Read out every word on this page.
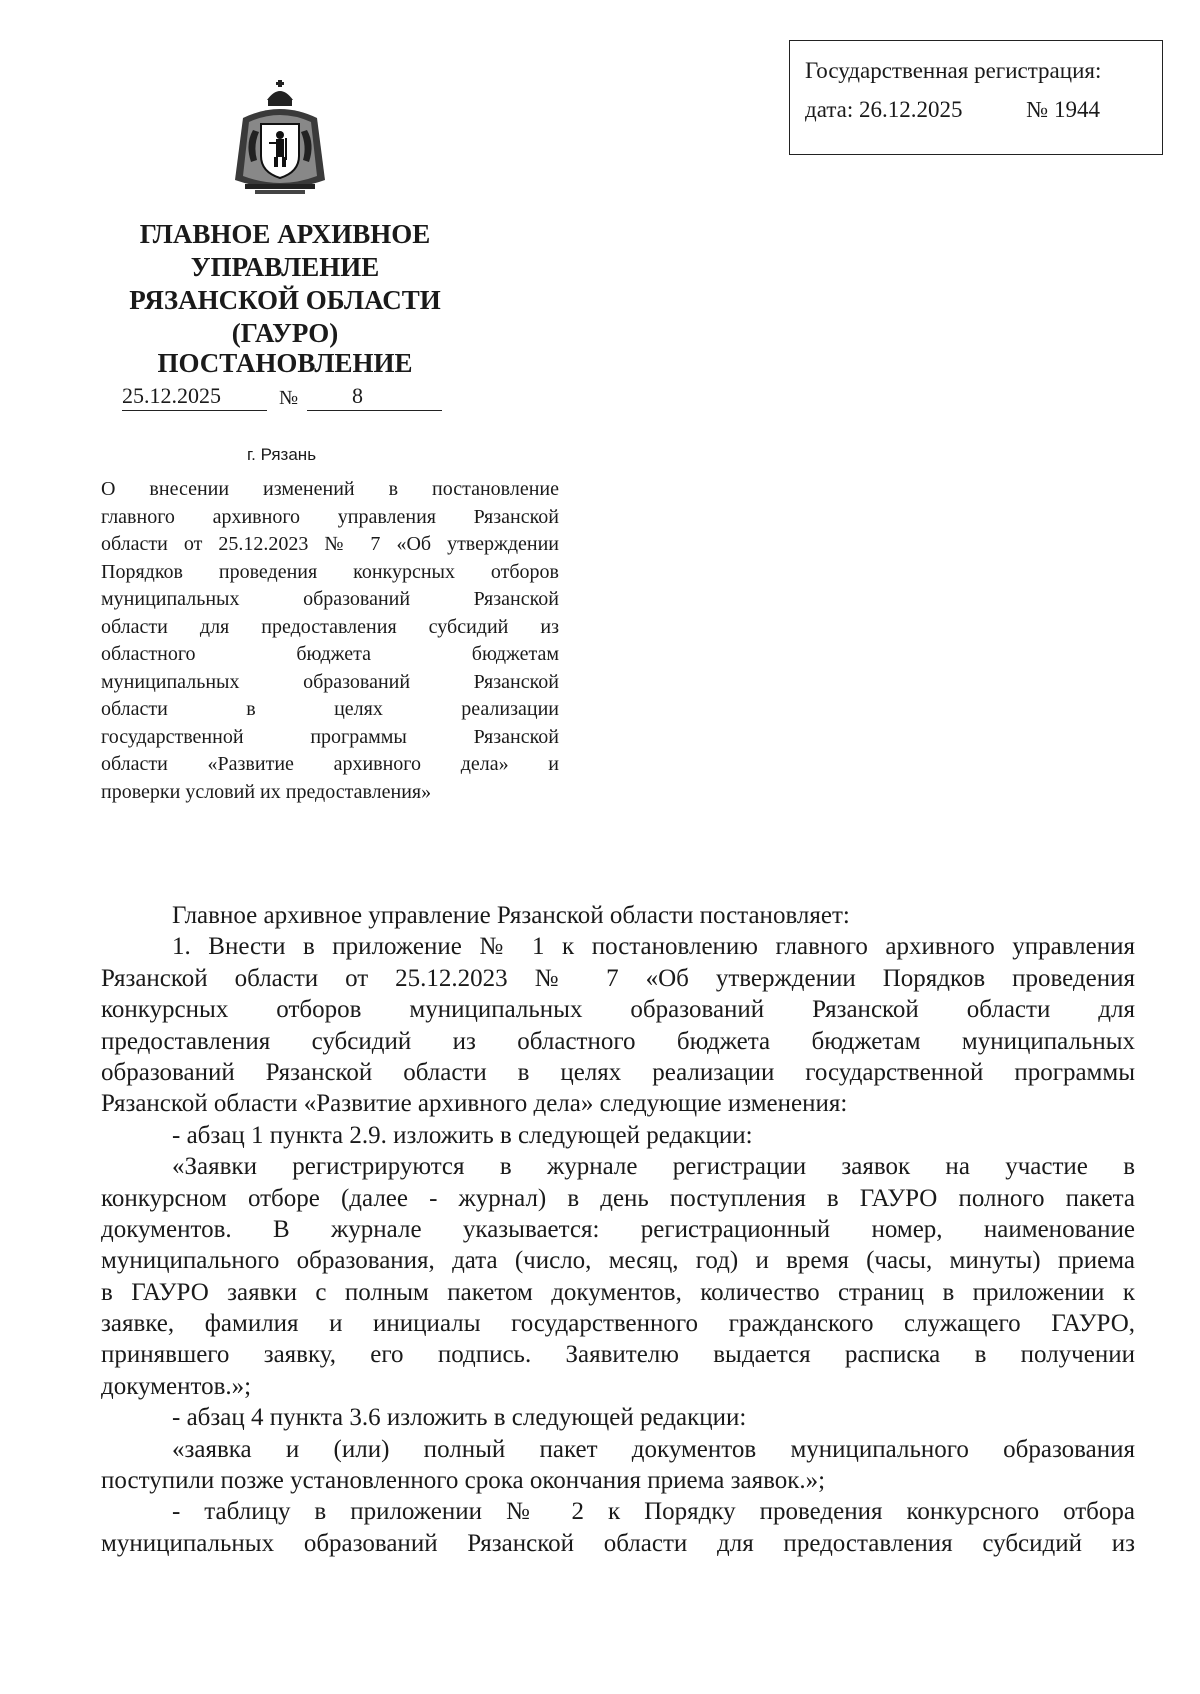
Государственная регистрация:
дата: 26.12.2025	№ 1944
ГЛАВНОЕ АРХИВНОЕ
УПРАВЛЕНИЕ
РЯЗАНСКОЙ ОБЛАСТИ
(ГАУРО)
ПОСТАНОВЛЕНИЕ
25.12.2025	№	8
г. Рязань
О внесении изменений в постановление
главного архивного управления Рязанской
области от 25.12.2023 № 7 «Об утверждении
Порядков проведения конкурсных отборов
муниципальных образований Рязанской
области для предоставления субсидий из
областного бюджета бюджетам
муниципальных образований Рязанской
области в целях реализации
государственной программы Рязанской
области «Развитие архивного дела» и
проверки условий их предоставления»
Главное архивное управление Рязанской области постановляет:
1. Внести в приложение № 1 к постановлению главного архивного управления
Рязанской области от 25.12.2023 № 7 «Об утверждении Порядков проведения
конкурсных отборов муниципальных образований Рязанской области для
предоставления субсидий из областного бюджета бюджетам муниципальных
образований Рязанской области в целях реализации государственной программы
Рязанской области «Развитие архивного дела» следующие изменения:
- абзац 1 пункта 2.9. изложить в следующей редакции:
«Заявки регистрируются в журнале регистрации заявок на участие в
конкурсном отборе (далее - журнал) в день поступления в ГАУРО полного пакета
документов. В журнале указывается: регистрационный номер, наименование
муниципального образования, дата (число, месяц, год) и время (часы, минуты) приема
в ГАУРО заявки с полным пакетом документов, количество страниц в приложении к
заявке, фамилия и инициалы государственного гражданского служащего ГАУРО,
принявшего заявку, его подпись. Заявителю выдается расписка в получении
документов.»;
- абзац 4 пункта 3.6 изложить в следующей редакции:
«заявка и (или) полный пакет документов муниципального образования
поступили позже установленного срока окончания приема заявок.»;
- таблицу в приложении № 2 к Порядку проведения конкурсного отбора
муниципальных образований Рязанской области для предоставления субсидий из
